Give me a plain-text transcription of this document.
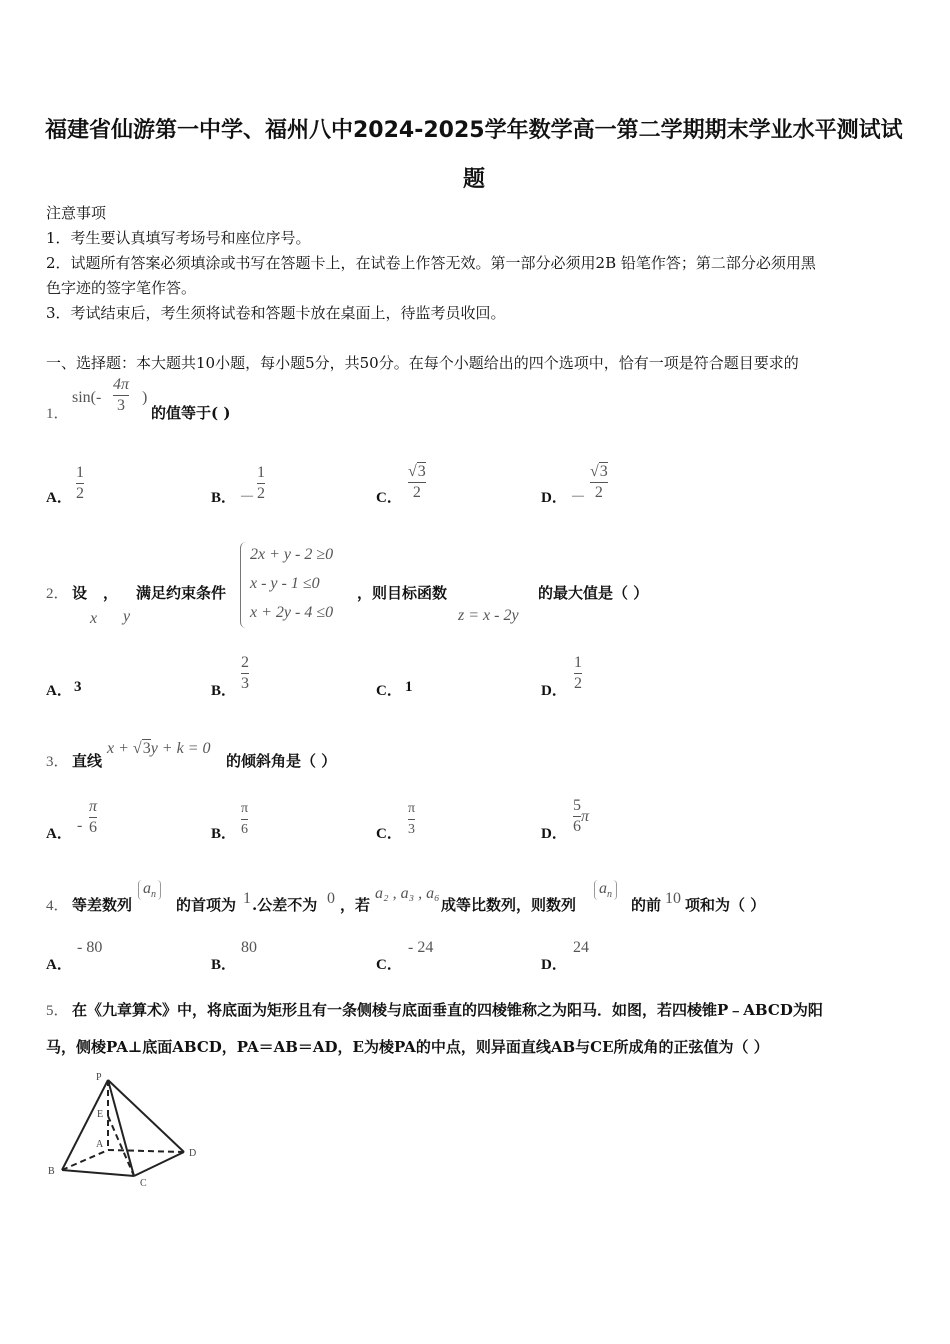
福建省仙游第一中学、福州八中2024-2025学年数学高一第二学期期末学业水平测试试
题
注意事项
1．考生要认真填写考场号和座位序号。
2．试题所有答案必须填涂或书写在答题卡上，在试卷上作答无效。第一部分必须用2B 铅笔作答；第二部分必须用黑
色字迹的签字笔作答。
3．考试结束后，考生须将试卷和答题卡放在桌面上，待监考员收回。
一、选择题：本大题共10小题，每小题5分，共50分。在每个小题给出的四个选项中，恰有一项是符合题目要求的
1．
$\sin(- \frac{4\pi}{3}$ )
的值等于( )
A． $\frac{1}{2}$	B． － $\frac{1}{2}$	C． $\frac{√3}{2}$	D． － $\frac{√3}{2}$
2． 设 ， 满足约束条件
x y
2x + y - 2 ≥0
x - y - 1 ≤0
x + 2y - 4 ≤0
，则目标函数
z = x - 2y
的最大值是（ ）
A． 3	B． $\frac{2}{3}$	C． 1	D． $\frac{1}{2}$
3． 直线
x + √3y + k = 0
的倾斜角是（ ）
A． - $\frac{\pi}{6}$	B． $\frac{\pi}{6}$	C． $\frac{\pi}{3}$	D． $\frac{5}{6}$ π
4． 等差数列
$a_n$
的首项为 1 .公差不为 0 ，若
a₂ , a₃ , a₆
成等比数列，则数列
$a_n$
的前 10 项和为（ ）
A．
- 80
B．
80
C．
- 24
D．
24
5． 在《九章算术》中，将底面为矩形且有一条侧棱与底面垂直的四棱锥称之为阳马．如图，若四棱锥P﹣ABCD为阳
马，侧棱PA⊥底面ABCD，PA＝AB＝AD，E为棱PA的中点，则异面直线AB与CE所成角的正弦值为（ ）
P
E
A
B
C
D
